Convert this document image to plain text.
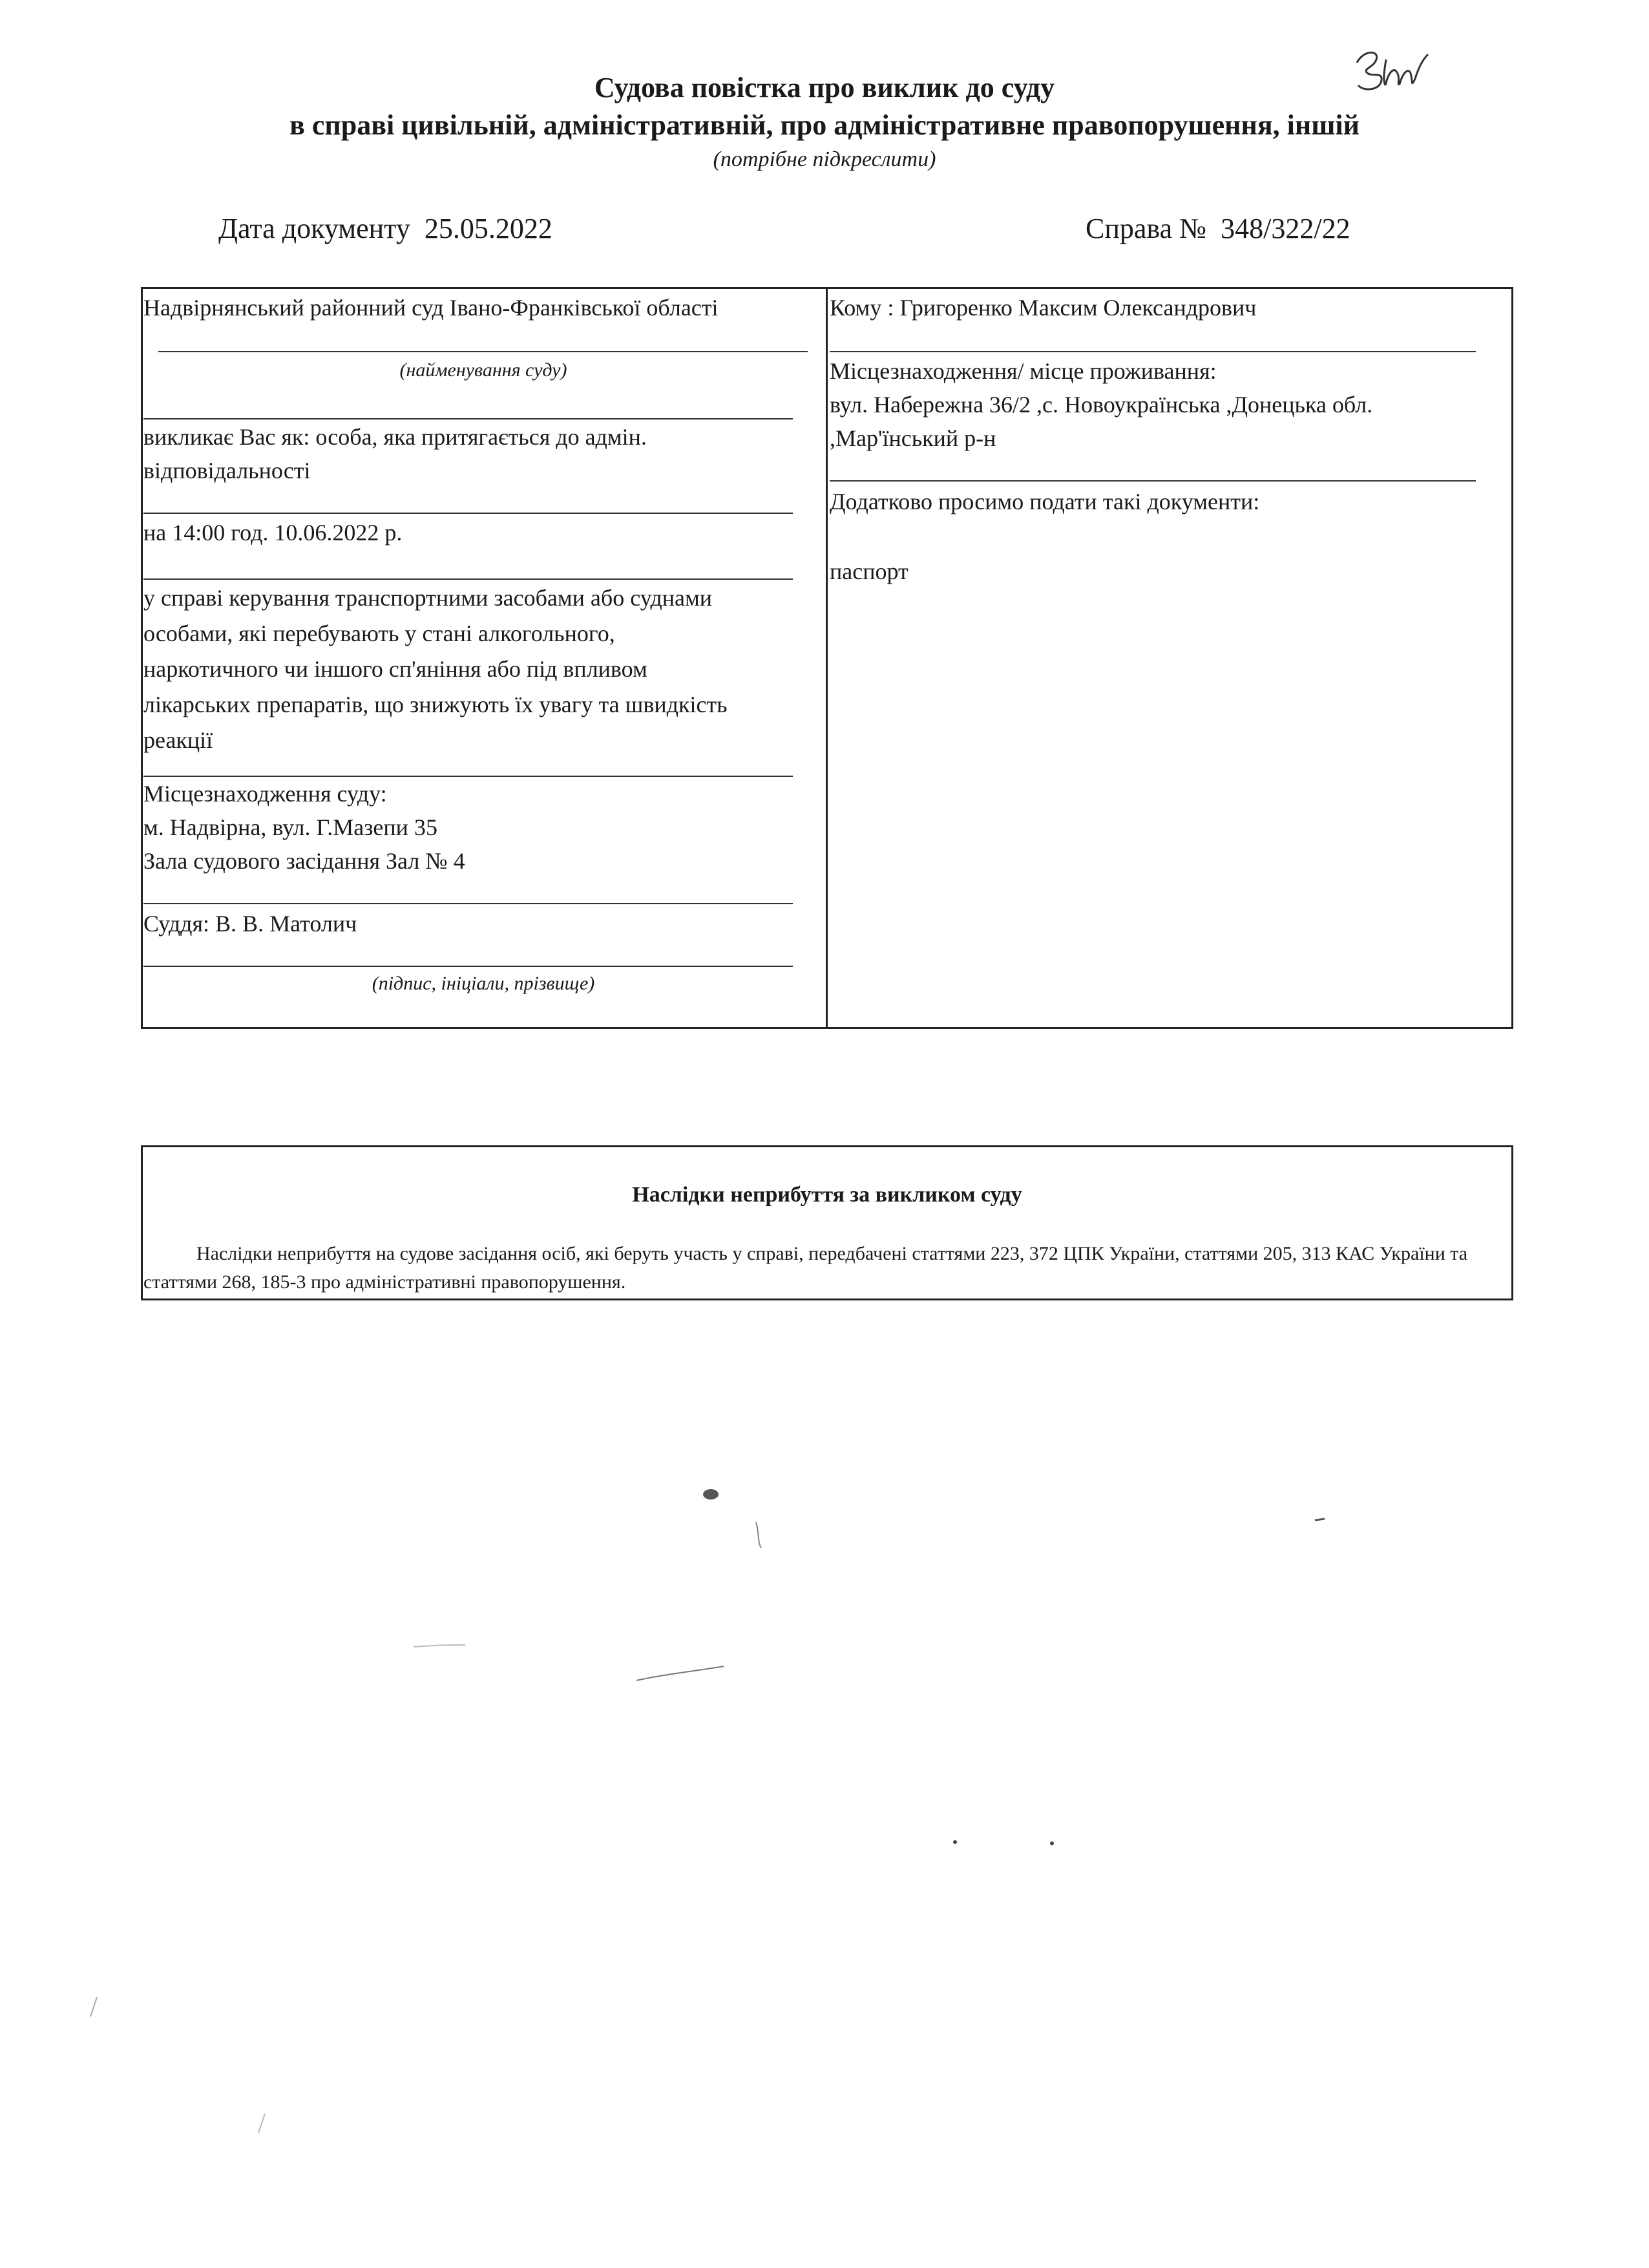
Судова повістка про виклик до суду
в справі цивільній, адміністративній, про адміністративне правопорушення, іншій
(потрібне підкреслити)
Дата документу 25.05.2022	Справа № 348/322/22
Надвірнянський районний суд Івано-Франківської області
(найменування суду)
викликає Вас як: особа, яка притягається до адмін.
відповідальності
на 14:00 год. 10.06.2022 р.
у справі керування транспортними засобами або суднами
особами, які перебувають у стані алкогольного,
наркотичного чи іншого сп'яніння або під впливом
лікарських препаратів, що знижують їх увагу та швидкість
реакції
Місцезнаходження суду:
м. Надвірна, вул. Г.Мазепи 35
Зала судового засідання Зал № 4
Суддя: В. В. Матолич
(підпис, ініціали, прізвище)
Кому : Григоренко Максим Олександрович
Місцезнаходження/ місце проживання:
вул. Набережна 36/2 ,с. Новоукраїнська ,Донецька обл.
,Мар'їнський р-н
Додатково просимо подати такі документи:
паспорт
Наслідки неприбуття за викликом суду
Наслідки неприбуття на судове засідання осіб, які беруть участь у справі, передбачені статтями 223, 372 ЦПК України, статтями 205, 313 КАС України та статтями 268, 185-3 про адміністративні правопорушення.
